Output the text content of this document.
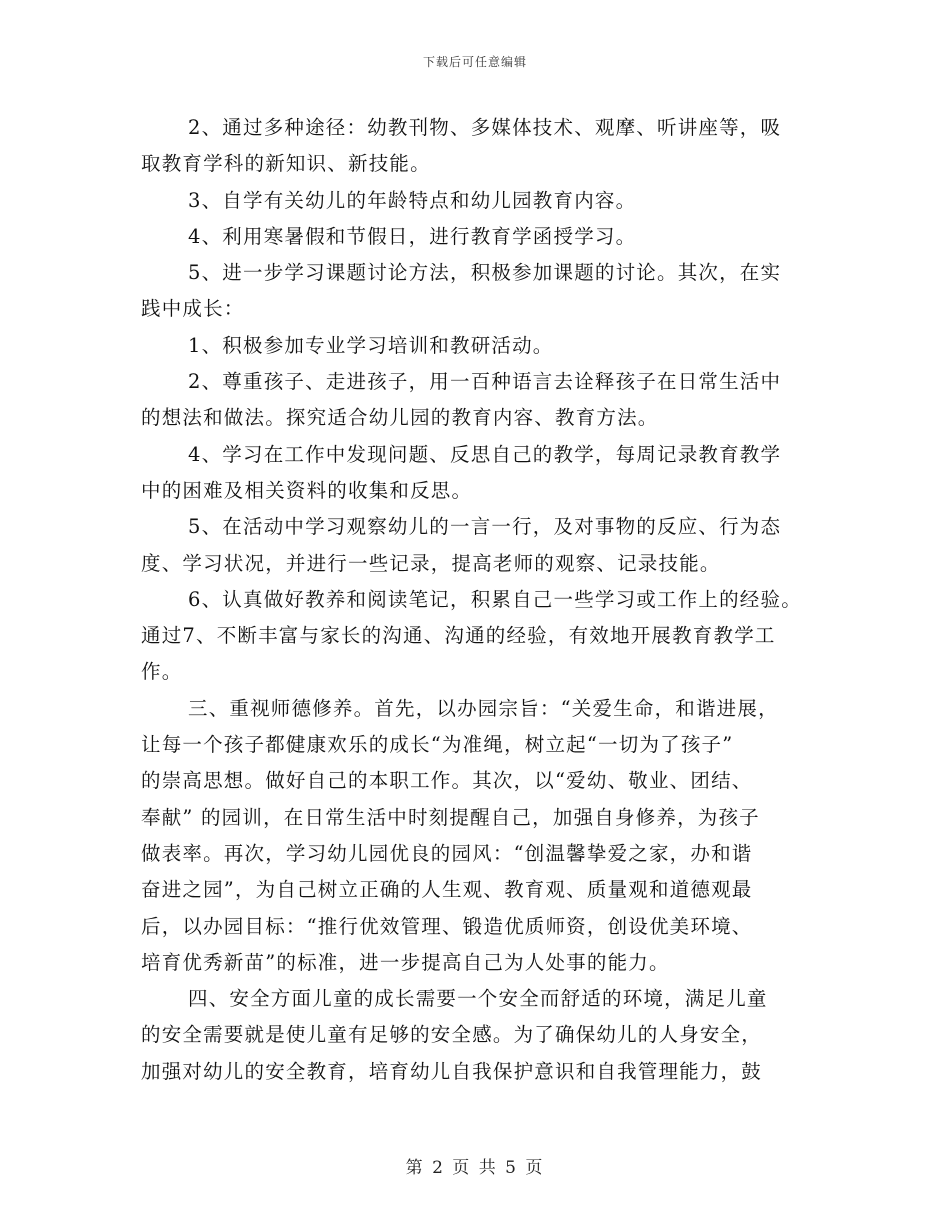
下载后可任意编辑
2、通过多种途径：幼教刊物、多媒体技术、观摩、听讲座等，吸
取教育学科的新知识、新技能。
3、自学有关幼儿的年龄特点和幼儿园教育内容。
4、利用寒暑假和节假日，进行教育学函授学习。
5、进一步学习课题讨论方法，积极参加课题的讨论。其次，在实
践中成长：
1、积极参加专业学习培训和教研活动。
2、尊重孩子、走进孩子，用一百种语言去诠释孩子在日常生活中
的想法和做法。探究适合幼儿园的教育内容、教育方法。
4、学习在工作中发现问题、反思自己的教学，每周记录教育教学
中的困难及相关资料的收集和反思。
5、在活动中学习观察幼儿的一言一行，及对事物的反应、行为态
度、学习状况，并进行一些记录，提高老师的观察、记录技能。
6、认真做好教养和阅读笔记，积累自己一些学习或工作上的经验。
通过7、不断丰富与家长的沟通、沟通的经验，有效地开展教育教学工
作。
三、重视师德修养。首先，以办园宗旨：“关爱生命，和谐进展，
让每一个孩子都健康欢乐的成长“为准绳，树立起“一切为了孩子”
的崇高思想。做好自己的本职工作。其次，以“爱幼、敬业、团结、
奉献” 的园训，在日常生活中时刻提醒自己，加强自身修养，为孩子
做表率。再次，学习幼儿园优良的园风：“创温馨挚爱之家，办和谐
奋进之园”，为自己树立正确的人生观、教育观、质量观和道德观最
后，以办园目标：“推行优效管理、锻造优质师资，创设优美环境、
培育优秀新苗”的标准，进一步提高自己为人处事的能力。
四、安全方面儿童的成长需要一个安全而舒适的环境，满足儿童
的安全需要就是使儿童有足够的安全感。为了确保幼儿的人身安全，
加强对幼儿的安全教育，培育幼儿自我保护意识和自我管理能力，鼓
第 2 页 共 5 页
